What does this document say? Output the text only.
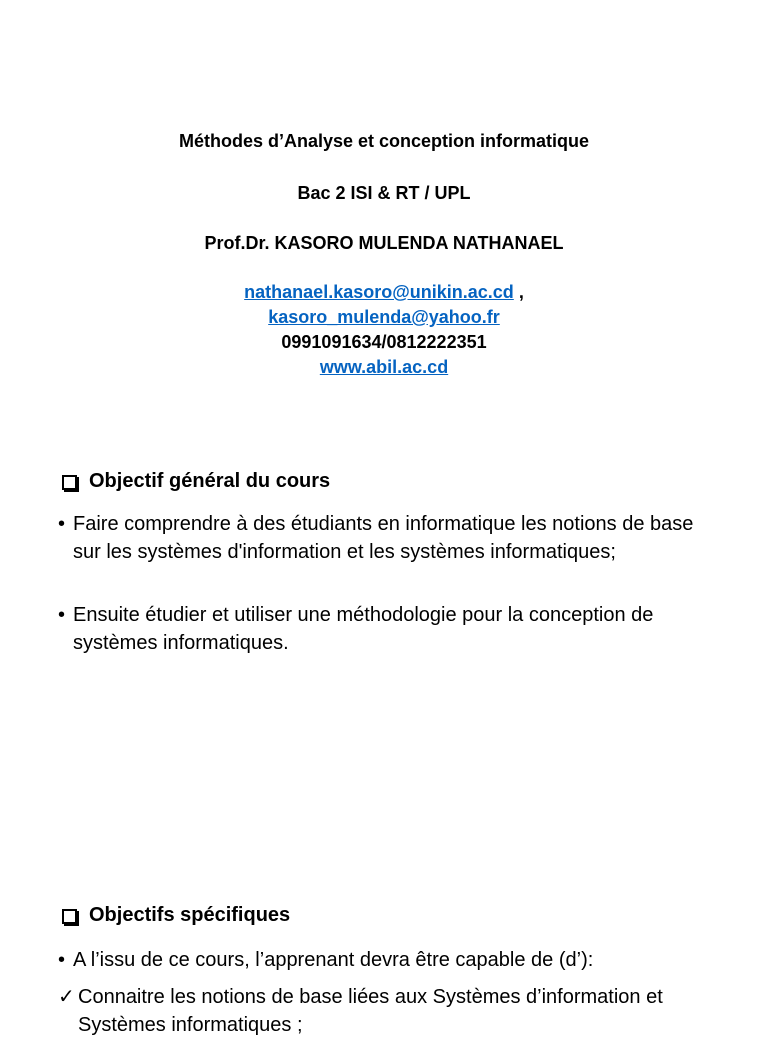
Méthodes d’Analyse et conception informatique
Bac 2 ISI & RT / UPL
Prof.Dr. KASORO MULENDA NATHANAEL
nathanael.kasoro@unikin.ac.cd ,
kasoro_mulenda@yahoo.fr
0991091634/0812222351
www.abil.ac.cd
Objectif général du cours
• Faire comprendre à des étudiants en informatique les notions de base sur les systèmes d'information et les systèmes informatiques;
• Ensuite étudier et utiliser une méthodologie pour la conception de systèmes informatiques.
Objectifs spécifiques
• A l’issu de ce cours, l’apprenant devra être capable de (d’):
✓ Connaitre les notions de base liées aux Systèmes d’information et Systèmes informatiques ;
